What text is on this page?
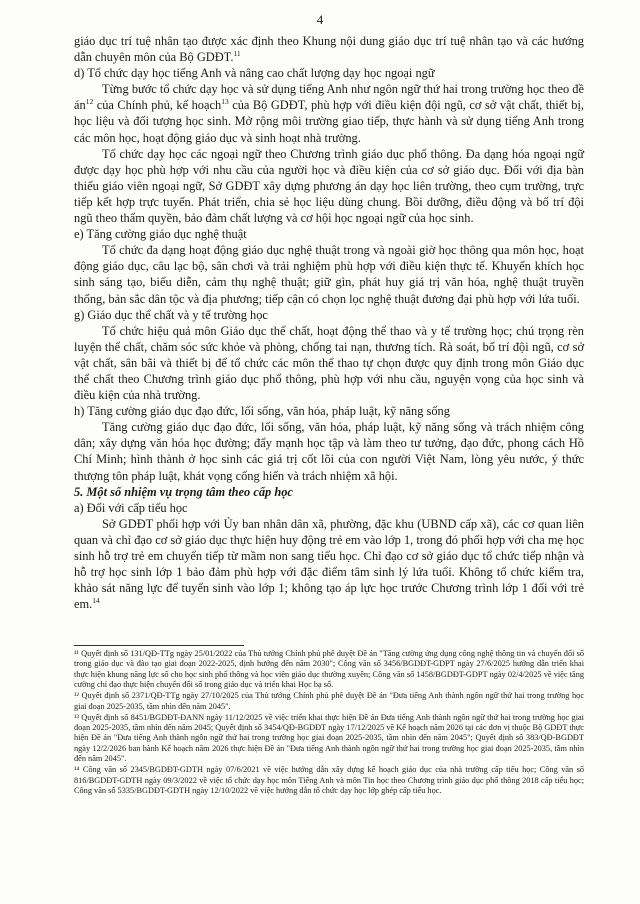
4

giáo dục trí tuệ nhân tạo được xác định theo Khung nội dung giáo dục trí tuệ nhân tạo và các hướng dẫn chuyên môn của Bộ GDĐT.$^{11}$

d) Tổ chức dạy học tiếng Anh và nâng cao chất lượng dạy học ngoại ngữ

Từng bước tổ chức dạy học và sử dụng tiếng Anh như ngôn ngữ thứ hai trong trường học theo đề $án^{12}$ của Chính phủ, kế hoạch$^{13}$ của Bộ GDĐT, phù hợp với điều kiện đội ngũ, cơ sở vật chất, thiết bị, học liệu và đối tượng học sinh. Mở rộng môi trường giao tiếp, thực hành và sử dụng tiếng Anh trong các môn học, hoạt động giáo dục và sinh hoạt nhà trường.

Tổ chức dạy học các ngoại ngữ theo Chương trình giáo dục phổ thông. Đa dạng hóa ngoại ngữ được dạy học phù hợp với nhu cầu của người học và điều kiện của cơ sở giáo dục. Đối với địa bàn thiếu giáo viên ngoại ngữ, Sở GDĐT xây dựng phương án dạy học liên trường, theo cụm trường, trực tiếp kết hợp trực tuyến. Phát triển, chia sẻ học liệu dùng chung. Bồi dưỡng, điều động và bố trí đội ngũ theo thẩm quyền, bảo đảm chất lượng và cơ hội học ngoại ngữ của học sinh.

e) Tăng cường giáo dục nghệ thuật

Tổ chức đa dạng hoạt động giáo dục nghệ thuật trong và ngoài giờ học thông qua môn học, hoạt động giáo dục, câu lạc bộ, sân chơi và trải nghiệm phù hợp với điều kiện thực tế. Khuyến khích học sinh sáng tạo, biểu diễn, cảm thụ nghệ thuật; giữ gìn, phát huy giá trị văn hóa, nghệ thuật truyền thống, bản sắc dân tộc và địa phương; tiếp cận có chọn lọc nghệ thuật đương đại phù hợp với lứa tuổi.

g) Giáo dục thể chất và y tế trường học

Tổ chức hiệu quả môn Giáo dục thể chất, hoạt động thể thao và y tế trường học; chú trọng rèn luyện thể chất, chăm sóc sức khỏe và phòng, chống tai nạn, thương tích. Rà soát, bố trí đội ngũ, cơ sở vật chất, sân bãi và thiết bị để tổ chức các môn thể thao tự chọn được quy định trong môn Giáo dục thể chất theo Chương trình giáo dục phổ thông, phù hợp với nhu cầu, nguyện vọng của học sinh và điều kiện của nhà trường.

h) Tăng cường giáo dục đạo đức, lối sống, văn hóa, pháp luật, kỹ năng sống

Tăng cường giáo dục đạo đức, lối sống, văn hóa, pháp luật, kỹ năng sống và trách nhiệm công dân; xây dựng văn hóa học đường; đẩy mạnh học tập và làm theo tư tưởng, đạo đức, phong cách Hồ Chí Minh; hình thành ở học sinh các giá trị cốt lõi của con người Việt Nam, lòng yêu nước, ý thức thượng tôn pháp luật, khát vọng cống hiến và trách nhiệm xã hội.

5. Một số nhiệm vụ trọng tâm theo cấp học

a) Đối với cấp tiểu học

Sở GDĐT phối hợp với Ủy ban nhân dân xã, phường, đặc khu (UBND cấp xã), các cơ quan liên quan và chỉ đạo cơ sở giáo dục thực hiện huy động trẻ em vào lớp 1, trong đó phối hợp với cha mẹ học sinh hỗ trợ trẻ em chuyển tiếp từ mầm non sang tiểu học. Chỉ đạo cơ sở giáo dục tổ chức tiếp nhận và hỗ trợ học sinh lớp 1 bảo đảm phù hợp với đặc điểm tâm sinh lý lứa tuổi. Không tổ chức kiểm tra, khảo sát năng lực để tuyển sinh vào lớp 1; không tạo áp lực học trước Chương trình lớp 1 đối với trẻ em.$^{14}$

¹¹ Quyết định số 131/QĐ-TTg ngày 25/01/2022 của Thủ tướng Chính phủ phê duyệt Đề án "Tăng cường ứng dụng công nghệ thông tin và chuyển đổi số trong giáo dục và đào tạo giai đoạn 2022-2025, định hướng đến năm 2030"; Công văn số 3456/BGDĐT-GDPT ngày 27/6/2025 hướng dẫn triển khai thực hiện khung năng lực số cho học sinh phổ thông và học viên giáo dục thường xuyên; Công văn số 1458/BGDĐT-GDPT ngày 02/4/2025 về việc tăng cường chỉ đạo thực hiện chuyển đổi số trong giáo dục và triển khai Học bạ số.

¹² Quyết định số 2371/QĐ-TTg ngày 27/10/2025 của Thủ tướng Chính phủ phê duyệt Đề án "Đưa tiếng Anh thành ngôn ngữ thứ hai trong trường học giai đoạn 2025-2035, tầm nhìn đến năm 2045".

¹³ Quyết định số 8451/BGDĐT-ĐANN ngày 11/12/2025 về việc triển khai thực hiện Đề án Đưa tiếng Anh thành ngôn ngữ thứ hai trong trường học giai đoạn 2025-2035, tầm nhìn đến năm 2045; Quyết định số 3454/QĐ-BGDĐT ngày 17/12/2025 về Kế hoạch năm 2026 tại các đơn vị thuộc Bộ GDĐT thực hiện Đề án "Đưa tiếng Anh thành ngôn ngữ thứ hai trong trường học giai đoạn 2025-2035, tầm nhìn đến năm 2045"; Quyết định số 383/QĐ-BGDĐT ngày 12/2/2026 ban hành Kế hoạch năm 2026 thực hiện Đề án "Đưa tiếng Anh thành ngôn ngữ thứ hai trong trường học giai đoạn 2025-2035, tầm nhìn đến năm 2045".

¹⁴ Công văn số 2345/BGDĐT-GDTH ngày 07/6/2021 về việc hướng dẫn xây dựng kế hoạch giáo dục của nhà trường cấp tiểu học; Công văn số 816/BGDĐT-GDTH ngày 09/3/2022 về việc tổ chức dạy học môn Tiếng Anh và môn Tin học theo Chương trình giáo dục phổ thông 2018 cấp tiểu học; Công văn số 5335/BGDĐT-GDTH ngày 12/10/2022 về việc hướng dẫn tổ chức dạy học lớp ghép cấp tiểu học.
